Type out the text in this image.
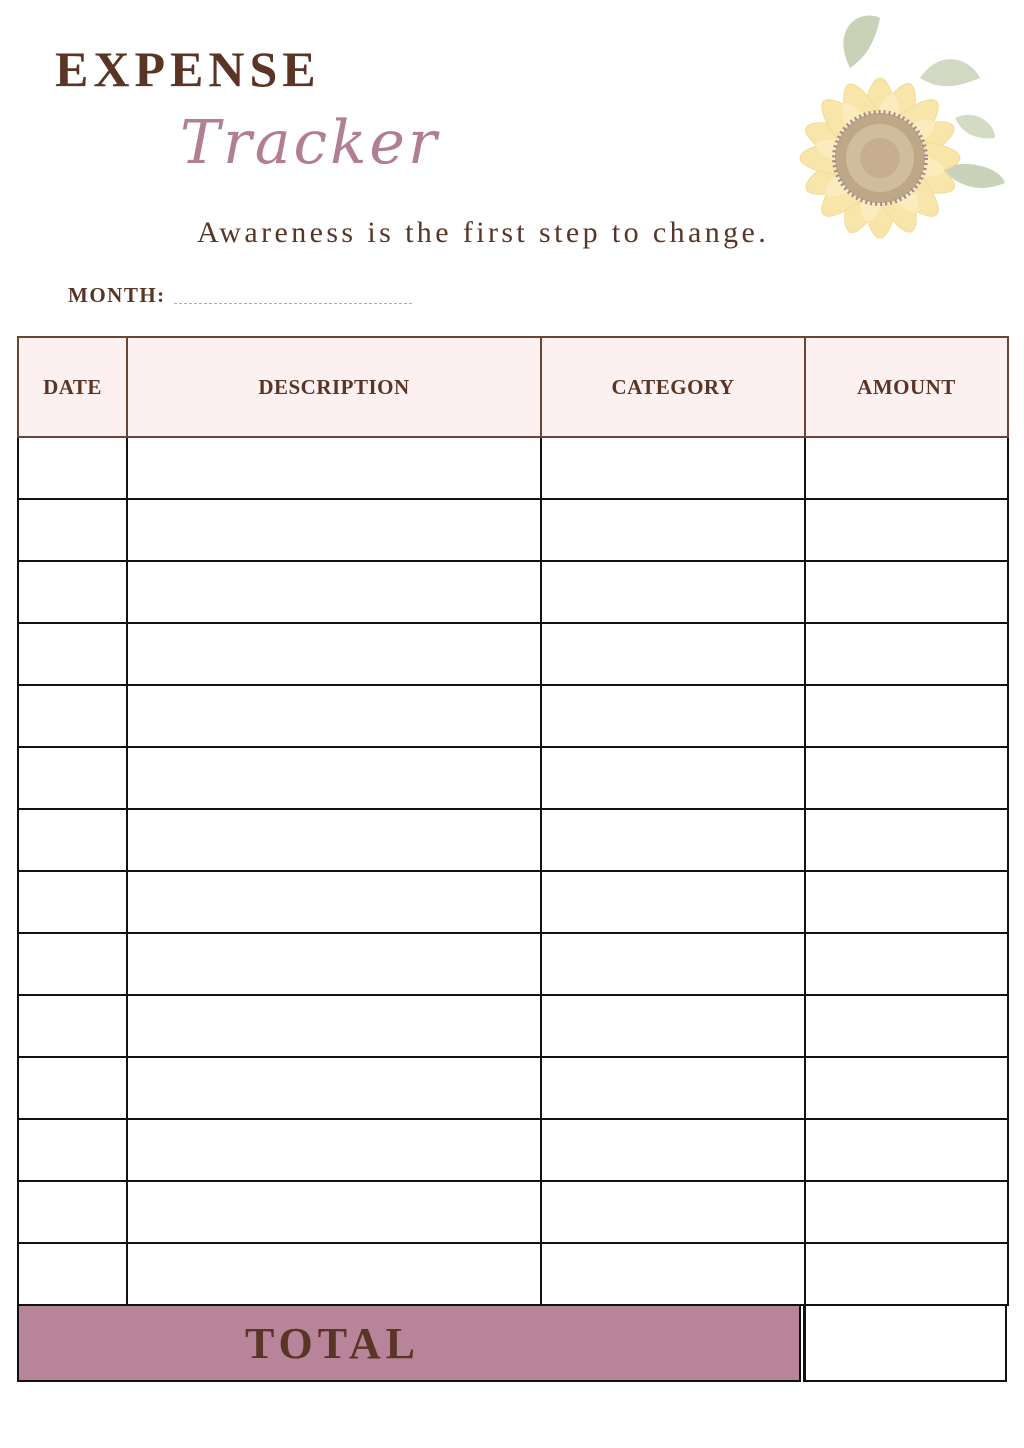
EXPENSE
Tracker
Awareness is the first step to change.
MONTH:
DATE	DESCRIPTION	CATEGORY	AMOUNT

TOTAL
